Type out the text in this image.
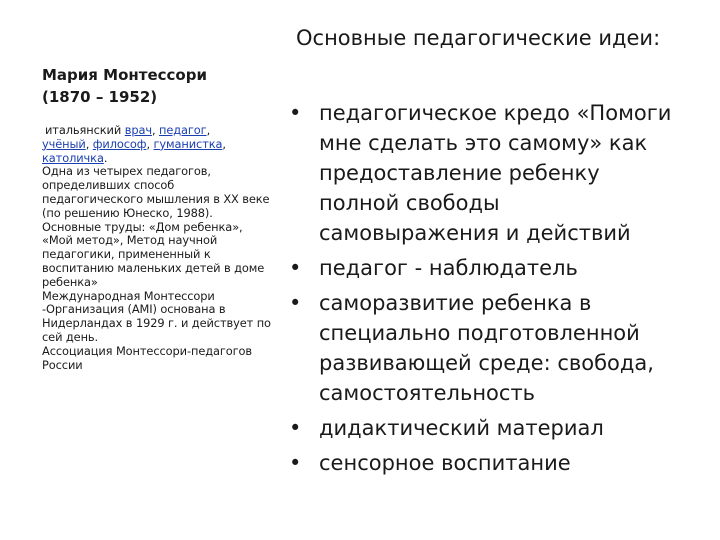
Основные педагогические идеи:

Мария Монтессори

(1870 – 1952)

итальянский врач, педагог,
учёный, философ, гуманистка,
католичка.

Одна из четырех педагогов, определивших способ педагогического мышления в XX веке (по решению Юнеско, 1988).

Основные труды: «Дом ребенка»,

«Мой метод», Метод научной педагогики, примененный к воспитанию маленьких детей в доме ребенка»

Международная Монтессори -Организация (AMI) основана в Нидерландах в 1929 г. и действует по сей день.

Ассоциация Монтессори-педагогов России

• педагогическое кредо «Помоги
мне сделать это самому» как
предоставление ребенку
полной свободы
самовыражения и действий
• педагог - наблюдатель
• саморазвитие ребенка в
специально подготовленной
развивающей среде: свобода,
самостоятельность
• дидактический материал
• сенсорное воспитание
